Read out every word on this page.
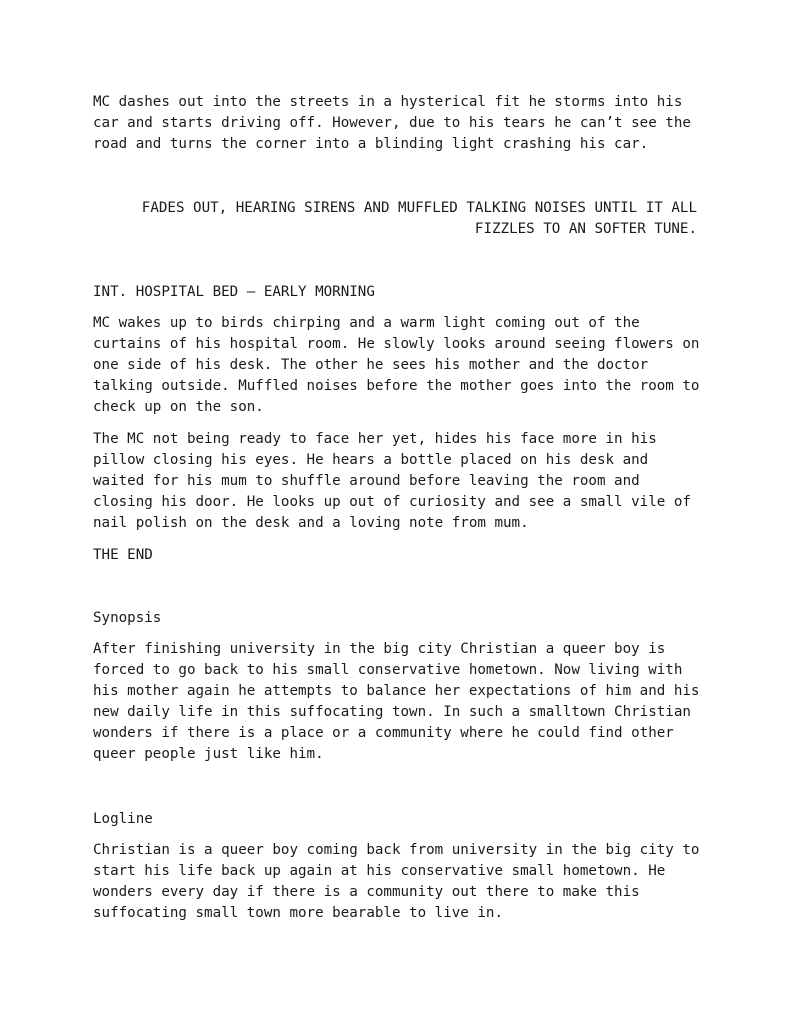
MC dashes out into the streets in a hysterical fit he storms into his car and starts driving off. However, due to his tears he can’t see the road and turns the corner into a blinding light crashing his car.

FADES OUT, HEARING SIRENS AND MUFFLED TALKING NOISES UNTIL IT ALL

FIZZLES TO AN SOFTER TUNE.

INT. HOSPITAL BED – EARLY MORNING

MC wakes up to birds chirping and a warm light coming out of the curtains of his hospital room. He slowly looks around seeing flowers on one side of his desk. The other he sees his mother and the doctor talking outside. Muffled noises before the mother goes into the room to check up on the son.

The MC not being ready to face her yet, hides his face more in his pillow closing his eyes. He hears a bottle placed on his desk and waited for his mum to shuffle around before leaving the room and closing his door. He looks up out of curiosity and see a small vile of nail polish on the desk and a loving note from mum.

THE END

Synopsis

After finishing university in the big city Christian a queer boy is forced to go back to his small conservative hometown. Now living with his mother again he attempts to balance her expectations of him and his new daily life in this suffocating town. In such a smalltown Christian wonders if there is a place or a community where he could find other queer people just like him.

Logline

Christian is a queer boy coming back from university in the big city to start his life back up again at his conservative small hometown. He wonders every day if there is a community out there to make this suffocating small town more bearable to live in.
